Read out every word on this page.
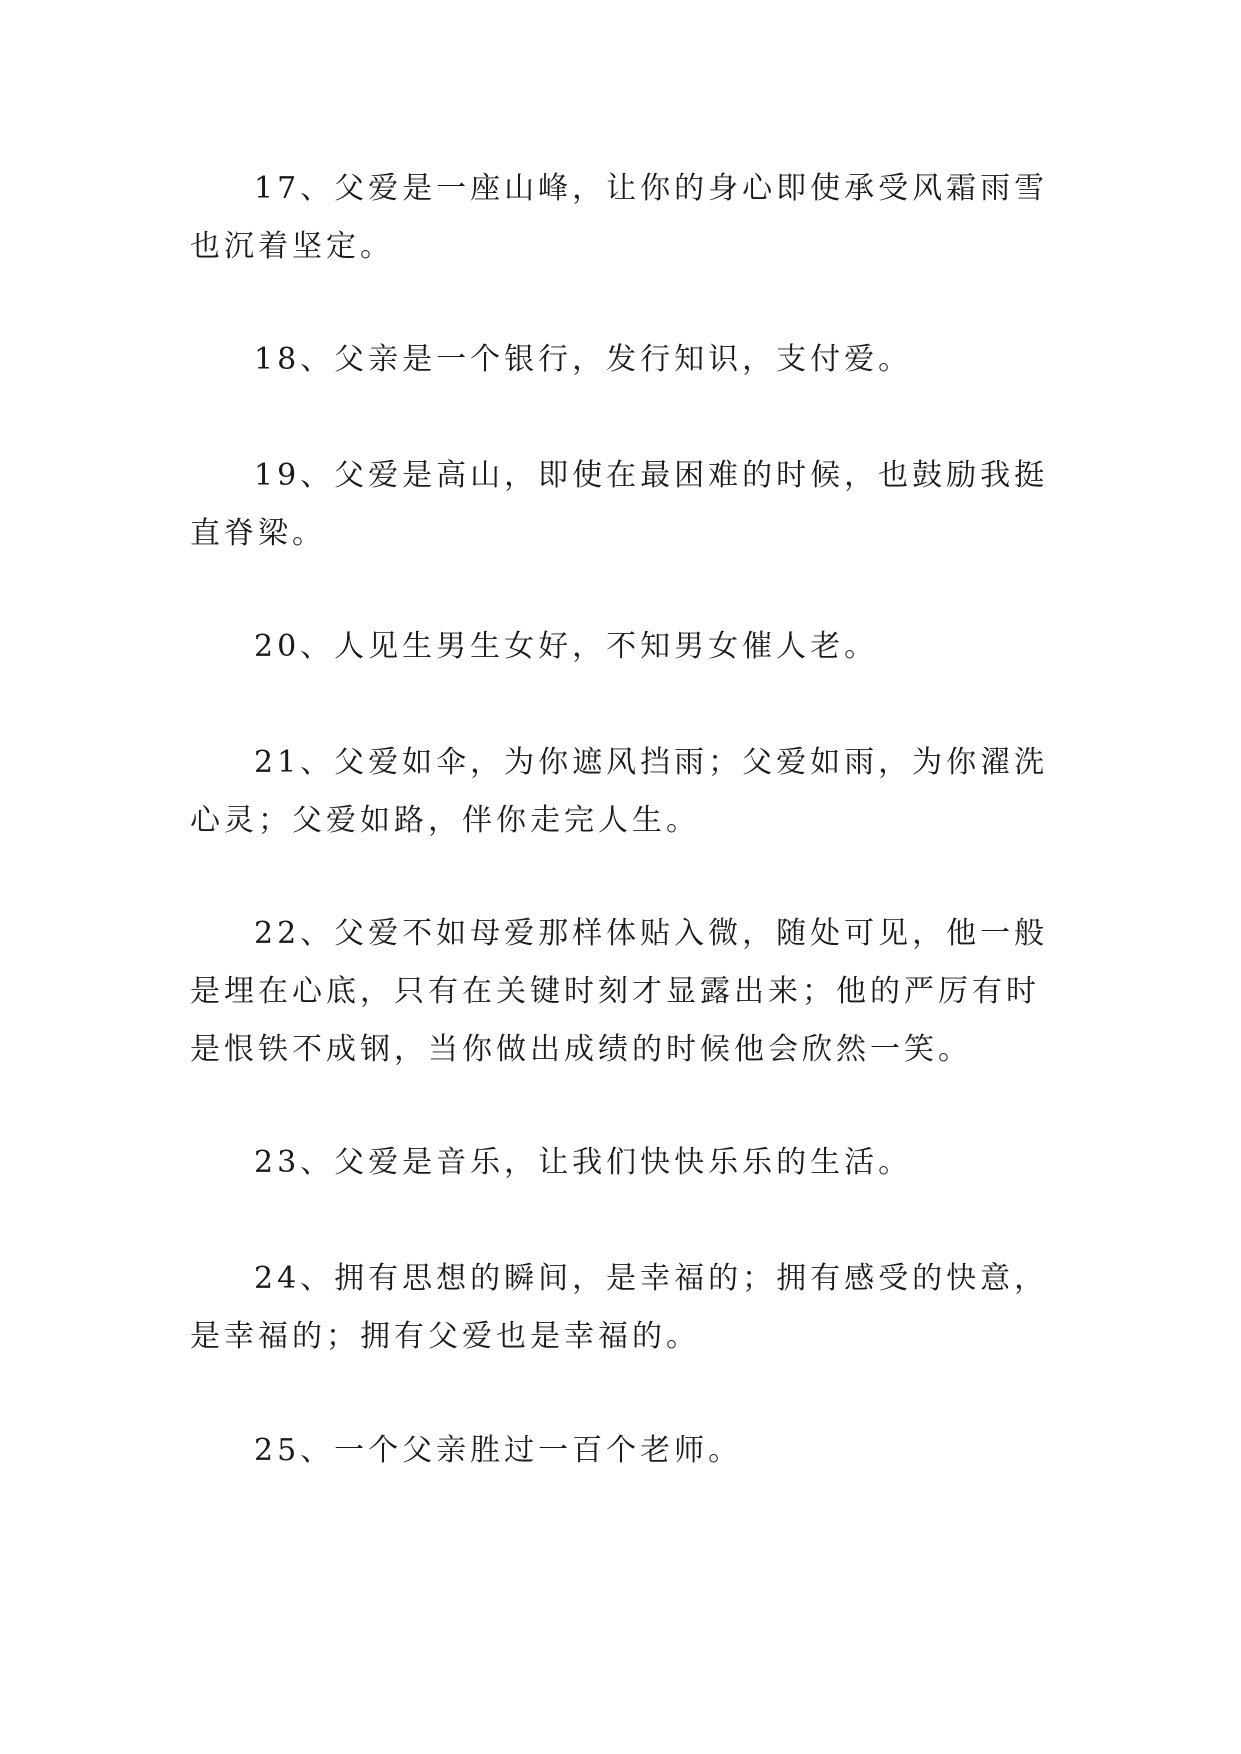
17、父爱是一座山峰，让你的身心即使承受风霜雨雪也沉着坚定。

18、父亲是一个银行，发行知识，支付爱。

19、父爱是高山，即使在最困难的时候，也鼓励我挺直脊梁。

20、人见生男生女好，不知男女催人老。

21、父爱如伞，为你遮风挡雨；父爱如雨，为你濯洗心灵；父爱如路，伴你走完人生。

22、父爱不如母爱那样体贴入微，随处可见，他一般是埋在心底，只有在关键时刻才显露出来；他的严厉有时是恨铁不成钢，当你做出成绩的时候他会欣然一笑。

23、父爱是音乐，让我们快快乐乐的生活。

24、拥有思想的瞬间，是幸福的；拥有感受的快意，是幸福的；拥有父爱也是幸福的。

25、一个父亲胜过一百个老师。
